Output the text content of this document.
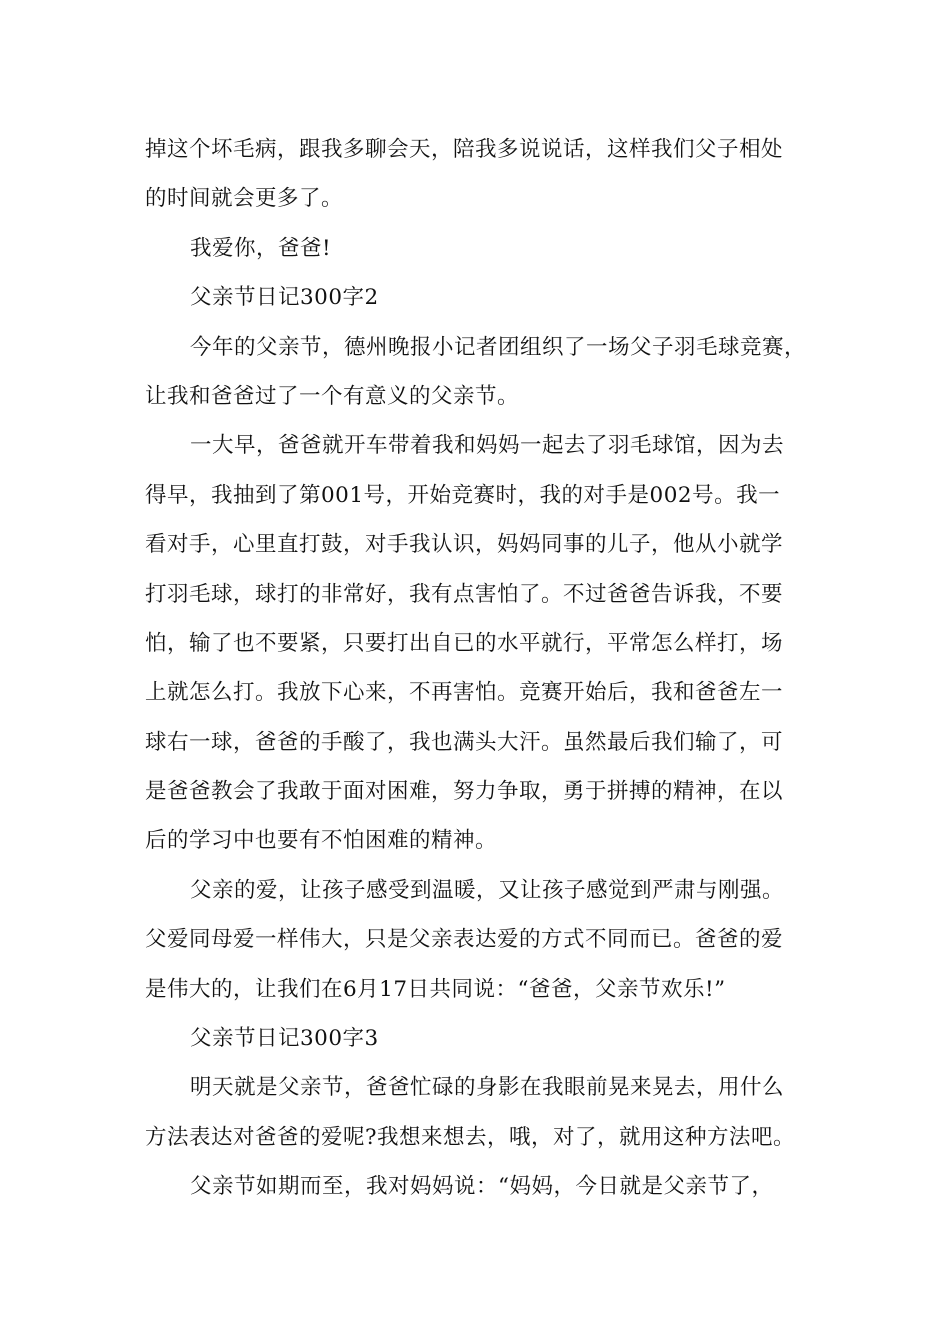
掉这个坏毛病，跟我多聊会天，陪我多说说话，这样我们父子相处
的时间就会更多了。
我爱你，爸爸!
父亲节日记300字2
今年的父亲节，德州晚报小记者团组织了一场父子羽毛球竞赛，
让我和爸爸过了一个有意义的父亲节。
一大早，爸爸就开车带着我和妈妈一起去了羽毛球馆，因为去
得早，我抽到了第001号，开始竞赛时，我的对手是002号。我一
看对手，心里直打鼓，对手我认识，妈妈同事的儿子，他从小就学
打羽毛球，球打的非常好，我有点害怕了。不过爸爸告诉我，不要
怕，输了也不要紧，只要打出自已的水平就行，平常怎么样打，场
上就怎么打。我放下心来，不再害怕。竞赛开始后，我和爸爸左一
球右一球，爸爸的手酸了，我也满头大汗。虽然最后我们输了，可
是爸爸教会了我敢于面对困难，努力争取，勇于拼搏的精神，在以
后的学习中也要有不怕困难的精神。
父亲的爱，让孩子感受到温暖，又让孩子感觉到严肃与刚强。
父爱同母爱一样伟大，只是父亲表达爱的方式不同而已。爸爸的爱
是伟大的，让我们在6月17日共同说：“爸爸，父亲节欢乐!”
父亲节日记300字3
明天就是父亲节，爸爸忙碌的身影在我眼前晃来晃去，用什么
方法表达对爸爸的爱呢?我想来想去，哦，对了，就用这种方法吧。
父亲节如期而至，我对妈妈说：“妈妈，今日就是父亲节了，
